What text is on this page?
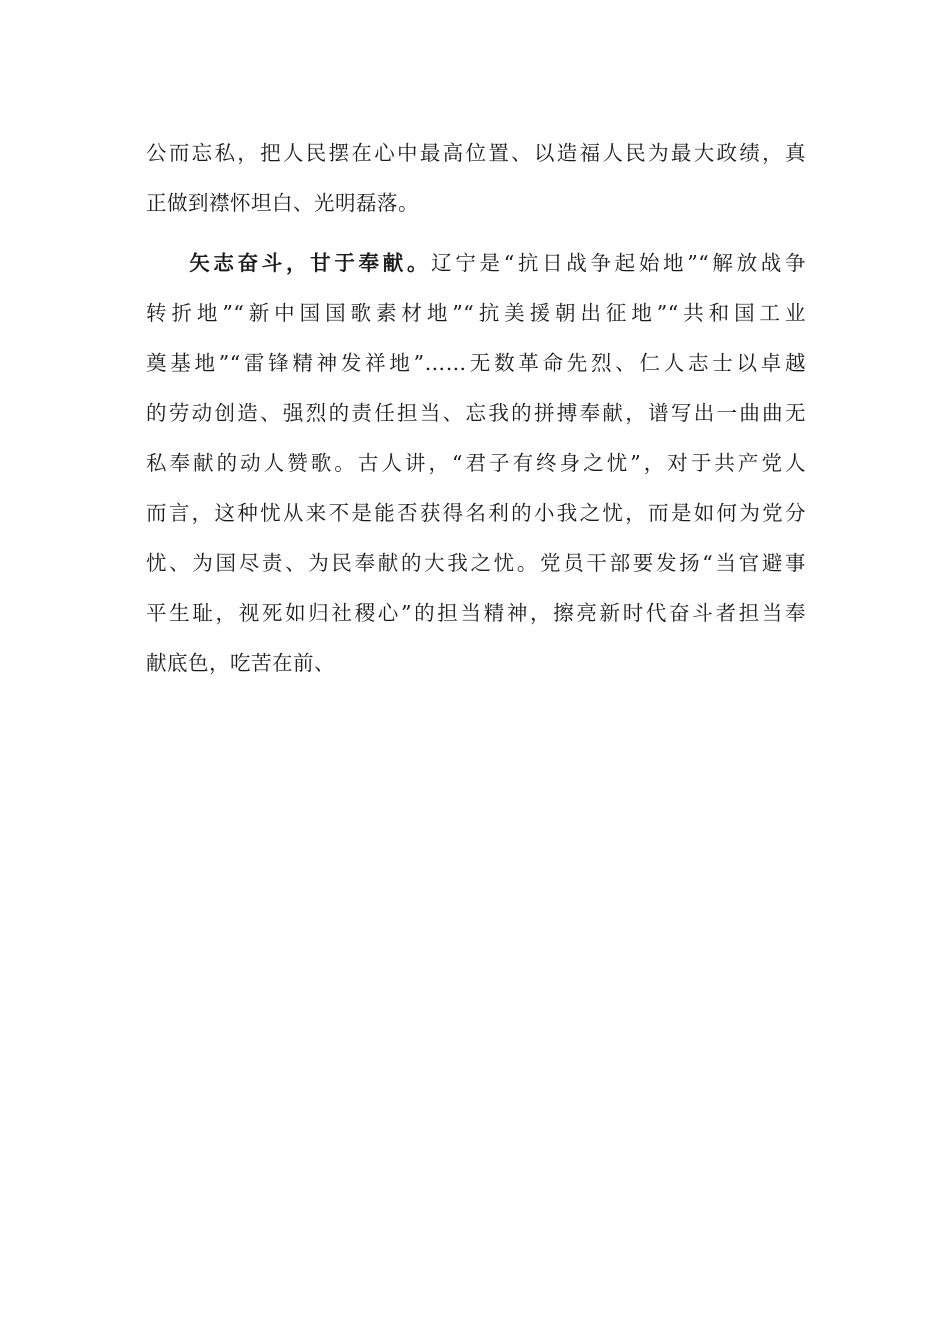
公而忘私，把人民摆在心中最高位置、以造福人民为最大政绩，真
正做到襟怀坦白、光明磊落。
矢志奋斗，甘于奉献。辽宁是“抗日战争起始地”“解放战争
转折地”“新中国国歌素材地”“抗美援朝出征地”“共和国工业
奠基地”“雷锋精神发祥地”……无数革命先烈、仁人志士以卓越
的劳动创造、强烈的责任担当、忘我的拼搏奉献，谱写出一曲曲无
私奉献的动人赞歌。古人讲，“君子有终身之忧”，对于共产党人
而言，这种忧从来不是能否获得名利的小我之忧，而是如何为党分
忧、为国尽责、为民奉献的大我之忧。党员干部要发扬“当官避事
平生耻，视死如归社稷心”的担当精神，擦亮新时代奋斗者担当奉
献底色，吃苦在前、
